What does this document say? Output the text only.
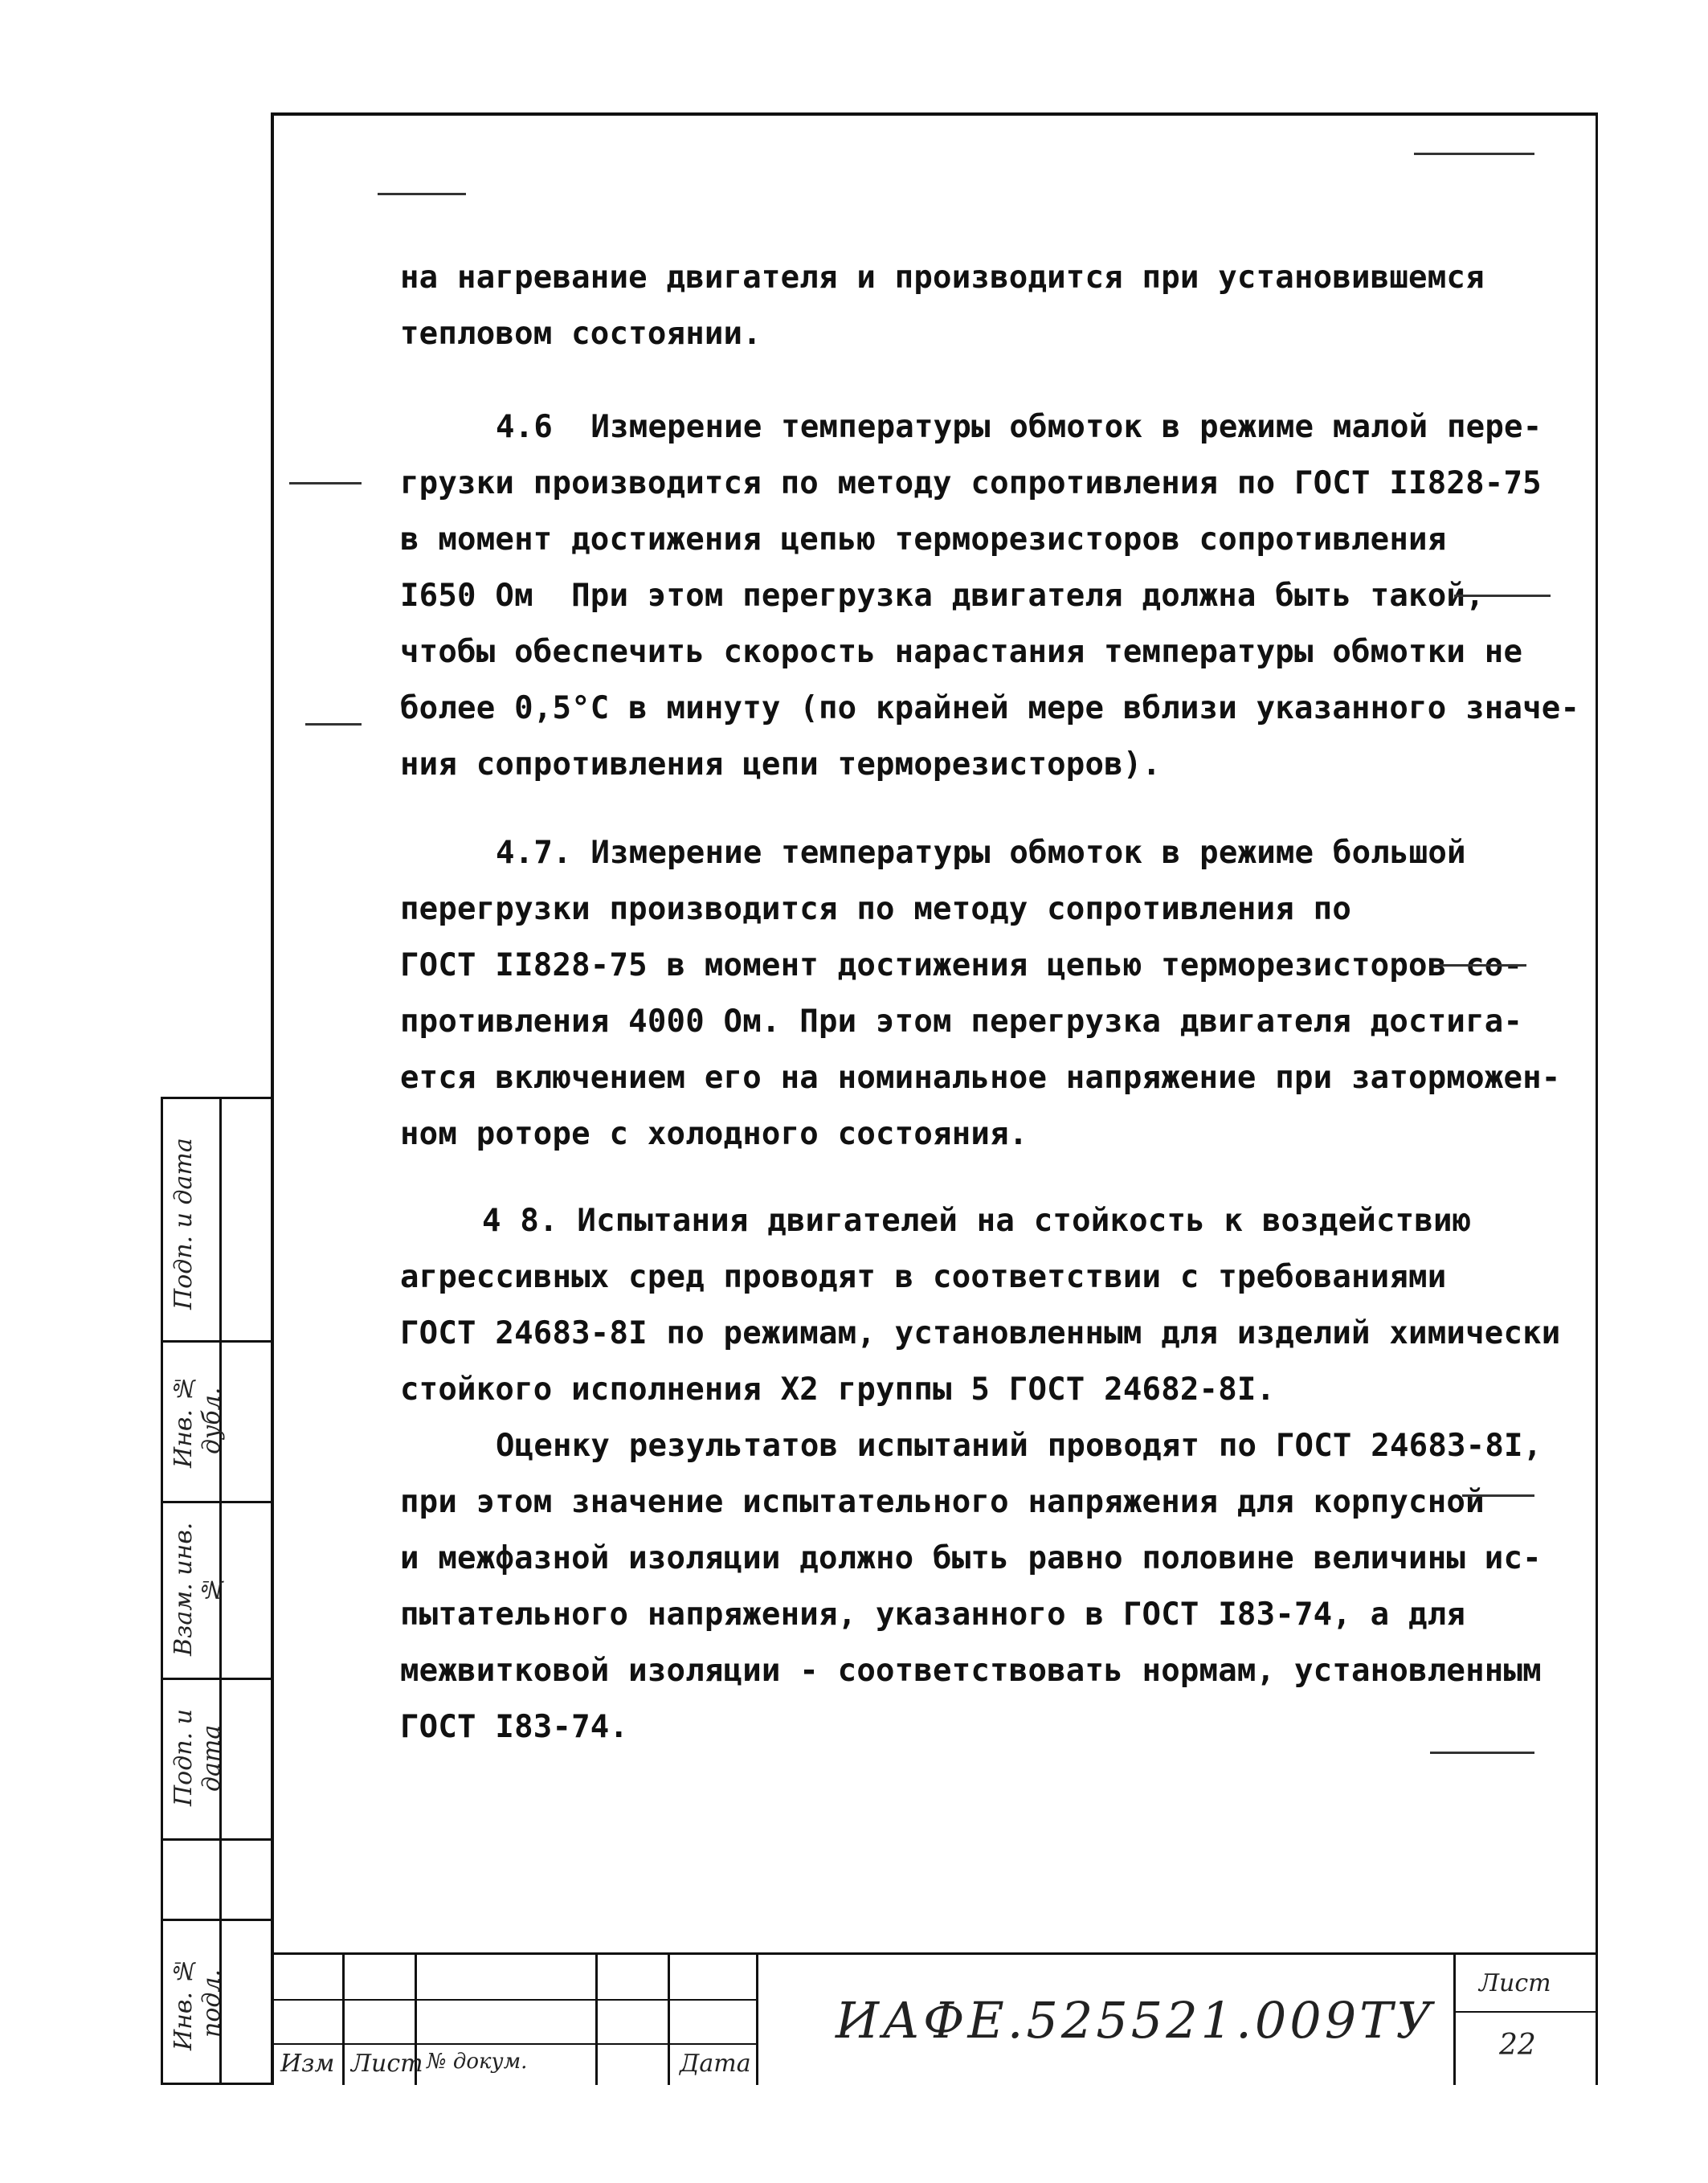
на нагревание двигателя и производится при установившемся
тепловом состоянии.
4.6  Измерение температуры обмоток в режиме малой пере-
грузки производится по методу сопротивления по ГОСТ II828-75
в момент достижения цепью терморезисторов сопротивления
I650 Ом  При этом перегрузка двигателя должна быть такой,
чтобы обеспечить скорость нарастания температуры обмотки не
более 0,5°С в минуту (по крайней мере вблизи указанного значе-
ния сопротивления цепи терморезисторов).
4.7. Измерение температуры обмоток в режиме большой
перегрузки производится по методу сопротивления по
ГОСТ II828-75 в момент достижения цепью терморезисторов со-
противления 4000 Ом. При этом перегрузка двигателя достига-
ется включением его на номинальное напряжение при заторможен-
ном роторе с холодного состояния.
4 8. Испытания двигателей на стойкость к воздействию
агрессивных сред проводят в соответствии с требованиями
ГОСТ 24683-8I по режимам, установленным для изделий химически
стойкого исполнения Х2 группы 5 ГОСТ 24682-8I.
Оценку результатов испытаний проводят по ГОСТ 24683-8I,
при этом значение испытательного напряжения для корпусной
и межфазной изоляции должно быть равно половине величины ис-
пытательного напряжения, указанного в ГОСТ I83-74, а для
межвитковой изоляции - соответствовать нормам, установленным
ГОСТ I83-74.
Подп. и дата
Инв. № дубл.
Взам. инв. №
Подп. и дата
Инв. № подл.
Изм Лист № докум.	Дата
Лист
22
ИАФЕ.525521.009ТУ
